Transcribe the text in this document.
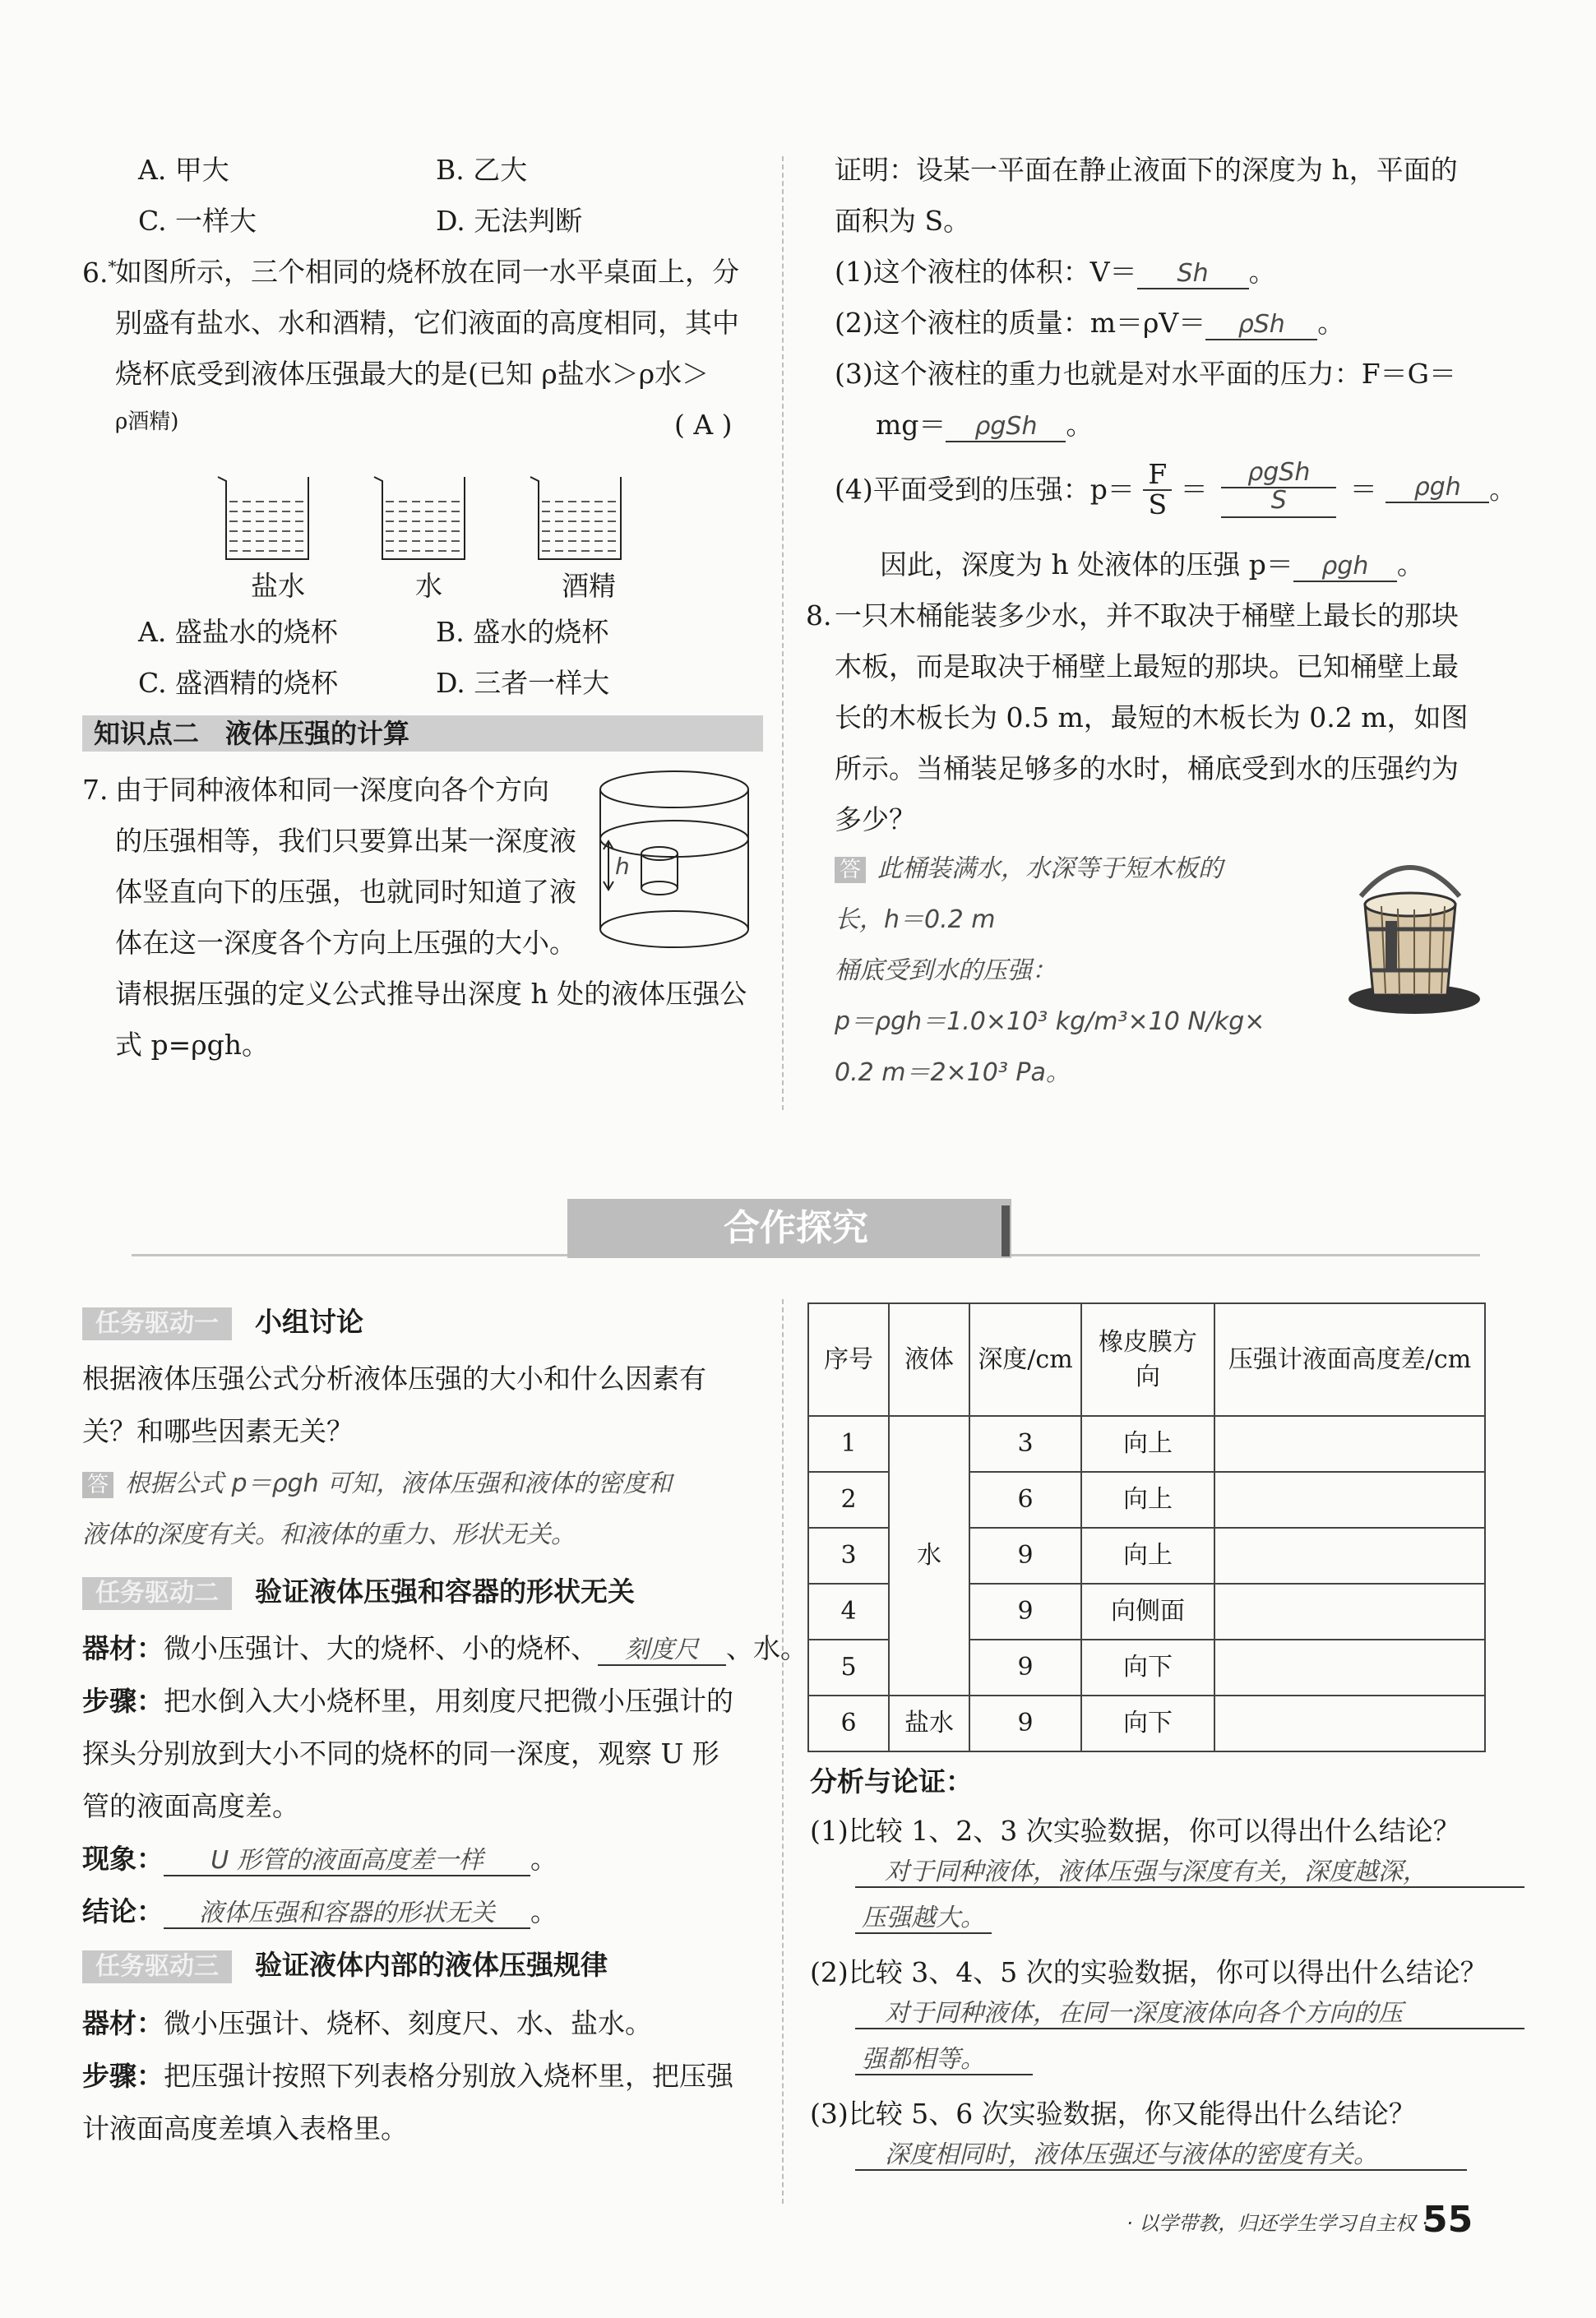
A. 甲大	B. 乙大
C. 一样大	D. 无法判断
6.*
如图所示，三个相同的烧杯放在同一水平桌面上，分
别盛有盐水、水和酒精，它们液面的高度相同，其中
烧杯底受到液体压强最大的是(已知 ρ盐水＞ρ水＞
ρ酒精)	( A )
盐水	水	酒精
A. 盛盐水的烧杯	B. 盛水的烧杯
C. 盛酒精的烧杯	D. 三者一样大
知识点二　液体压强的计算
7. 由于同种液体和同一深度向各个方向
的压强相等，我们只要算出某一深度液
体竖直向下的压强，也就同时知道了液
体在这一深度各个方向上压强的大小。
请根据压强的定义公式推导出深度 h 处的液体压强公
式 p=ρgh。
h
证明：设某一平面在静止液面下的深度为 h，平面的
面积为 S。
(1)这个液柱的体积：V＝ Sh 。
(2)这个液柱的质量：m＝ρV＝ ρSh 。
(3)这个液柱的重力也就是对水平面的压力：F＝G＝
mg＝ ρgSh 。
(4)平面受到的压强：$p= \frac{F}{S} = \frac{\text{ρgSh}}{S} = \rho gh$ 。
因此，深度为 h 处液体的压强 p＝ ρgh 。
8. 一只木桶能装多少水，并不取决于桶壁上最长的那块
木板，而是取决于桶壁上最短的那块。已知桶壁上最
长的木板长为 0.5 m，最短的木板长为 0.2 m，如图
所示。当桶装足够多的水时，桶底受到水的压强约为
多少？
答 此桶装满水，水深等于短木板的
长，h＝0.2 m
桶底受到水的压强：
p＝ρgh＝1.0×10³ kg/m³×10 N/kg×
0.2 m＝2×10³ Pa。
合作探究
任务驱动一 小组讨论
根据液体压强公式分析液体压强的大小和什么因素有
关？和哪些因素无关？
答 根据公式 p＝ρgh 可知，液体压强和液体的密度和
液体的深度有关。和液体的重力、形状无关。
任务驱动二 验证液体压强和容器的形状无关
器材：微小压强计、大的烧杯、小的烧杯、 刻度尺 、水。
步骤：把水倒入大小烧杯里，用刻度尺把微小压强计的
探头分别放到大小不同的烧杯的同一深度，观察 U 形
管的液面高度差。
现象： U 形管的液面高度差一样 。
结论： 液体压强和容器的形状无关 。
任务驱动三 验证液体内部的液体压强规律
器材：微小压强计、烧杯、刻度尺、水、盐水。
步骤：把压强计按照下列表格分别放入烧杯里，把压强
计液面高度差填入表格里。
序号	液体	深度/cm	橡皮膜方向	压强计液面高度差/cm
1	水	3	向上	
2		6	向上	
3		9	向上	
4		9	向侧面	
5		9	向下	
6	盐水	9	向下	
分析与论证：
(1)比较 1、2、3 次实验数据，你可以得出什么结论？
对于同种液体，液体压强与深度有关，深度越深，
压强越大。
(2)比较 3、4、5 次的实验数据，你可以得出什么结论？
对于同种液体，在同一深度液体向各个方向的压
强都相等。
(3)比较 5、6 次实验数据，你又能得出什么结论？
深度相同时，液体压强还与液体的密度有关。
· 以学带教，归还学生学习自主权 ·
55
